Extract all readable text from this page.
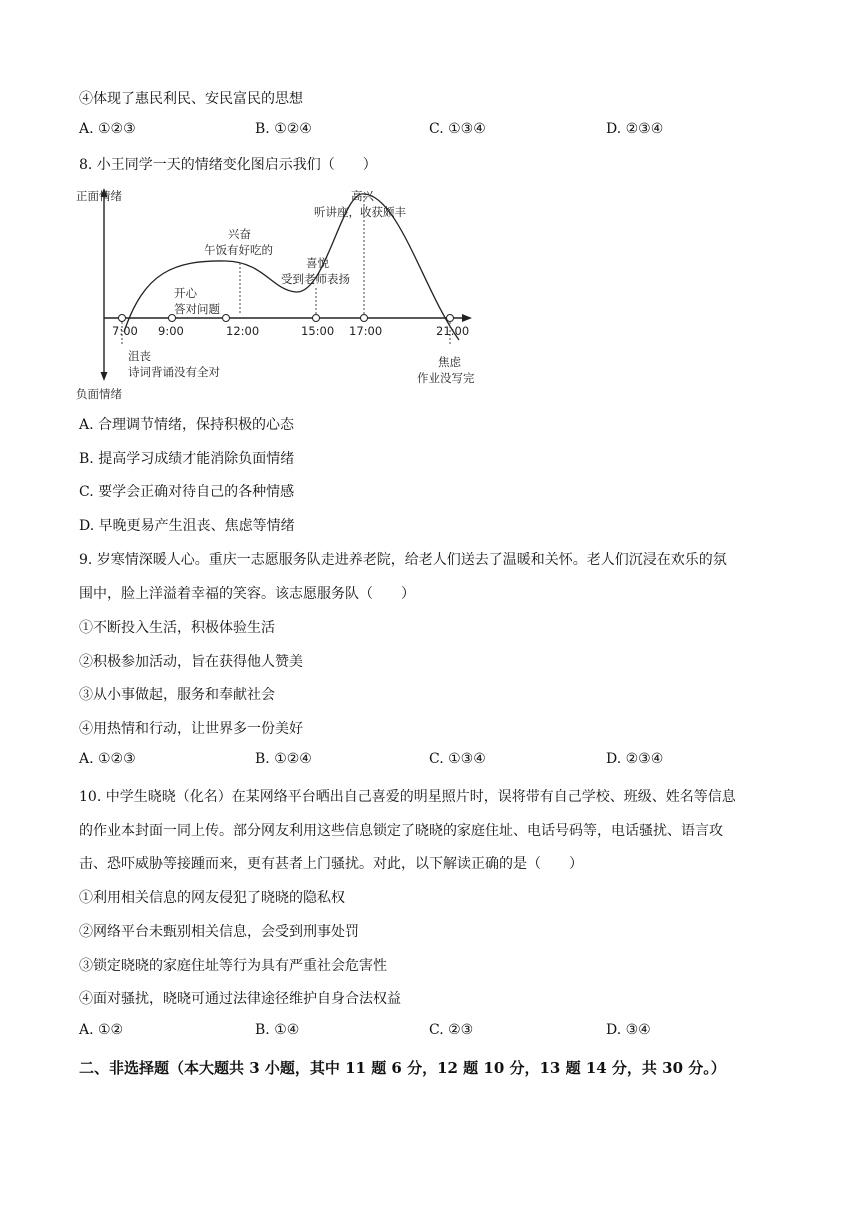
④体现了惠民利民、安民富民的思想
A. ①②③	B. ①②④	C. ①③④	D. ②③④
8. 小王同学一天的情绪变化图启示我们（　　）
正面情绪
负面情绪
7:00 9:00	12:00	15:00 17:00	21:00
沮丧
诗词背诵没有全对
开心
答对问题
兴奋
午饭有好吃的
喜悦
受到老师表扬
高兴
听讲座，收获颇丰
焦虑
作业没写完
A. 合理调节情绪，保持积极的心态
B. 提高学习成绩才能消除负面情绪
C. 要学会正确对待自己的各种情感
D. 早晚更易产生沮丧、焦虑等情绪
9. 岁寒情深暖人心。重庆一志愿服务队走进养老院，给老人们送去了温暖和关怀。老人们沉浸在欢乐的氛
围中，脸上洋溢着幸福的笑容。该志愿服务队（　　）
①不断投入生活，积极体验生活
②积极参加活动，旨在获得他人赞美
③从小事做起，服务和奉献社会
④用热情和行动，让世界多一份美好
A. ①②③	B. ①②④	C. ①③④	D. ②③④
10. 中学生晓晓（化名）在某网络平台晒出自己喜爱的明星照片时，误将带有自己学校、班级、姓名等信息
的作业本封面一同上传。部分网友利用这些信息锁定了晓晓的家庭住址、电话号码等，电话骚扰、语言攻
击、恐吓威胁等接踵而来，更有甚者上门骚扰。对此，以下解读正确的是（　　）
①利用相关信息的网友侵犯了晓晓的隐私权
②网络平台未甄别相关信息，会受到刑事处罚
③锁定晓晓的家庭住址等行为具有严重社会危害性
④面对骚扰，晓晓可通过法律途径维护自身合法权益
A. ①②	B. ①④	C. ②③	D. ③④
二、非选择题（本大题共 3 小题，其中 11 题 6 分，12 题 10 分，13 题 14 分，共 30 分。）
